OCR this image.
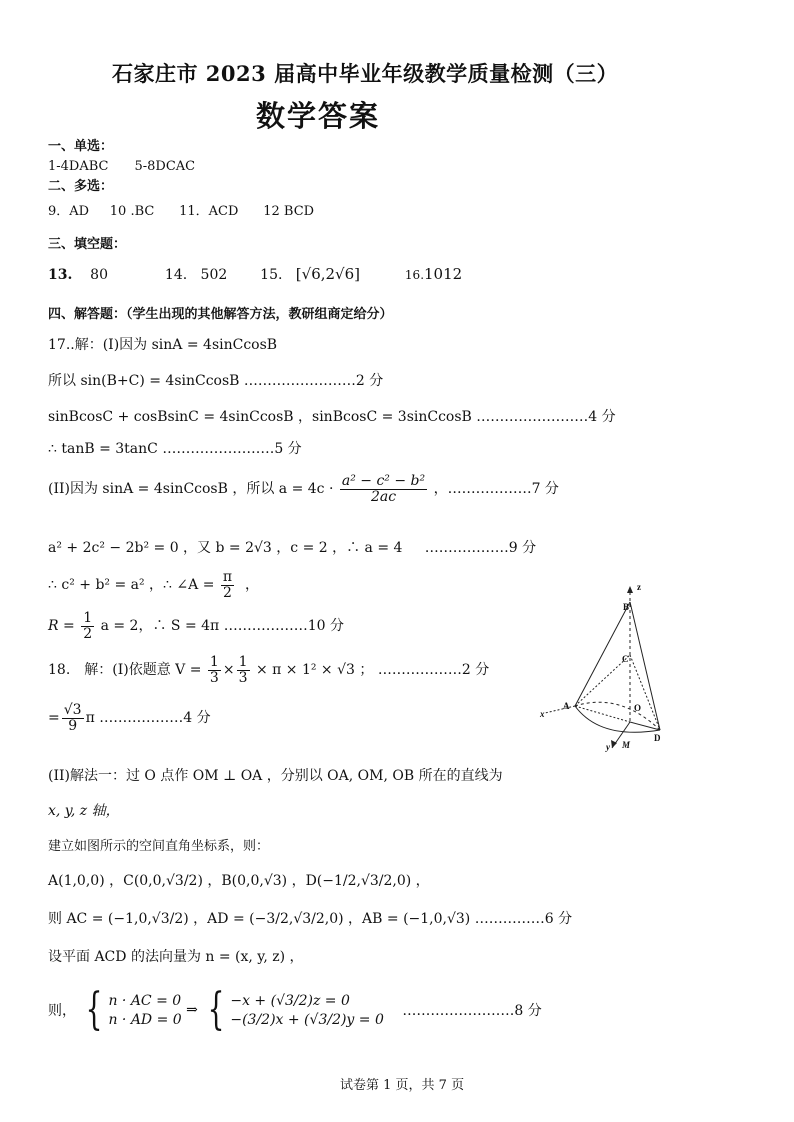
石家庄市 2023 届高中毕业年级教学质量检测（三）
数学答案
一、单选：
1-4DABC　　5-8DCAC
二、多选：
9．AD 10 .BC 11．ACD 12 BCD
三、填空题：
13. 80	14. 502 15. [√6,2√6]	16.1012
四、解答题：（学生出现的其他解答方法，教研组商定给分）
17..解：(I)因为 sinA = 4sinCcosB
所以 sin(B+C) = 4sinCcosB ……………………2 分
sinBcosC + cosBsinC = 4sinCcosB ，sinBcosC = 3sinCcosB ……………………4 分
∴ tanB = 3tanC ……………………5 分
(II)因为 sinA = 4sinCcosB ，所以 $a = 4c \cdot \frac{\text{a² − c² − b²}}{2ac}$ ，………………7 分
a² + 2c² − 2b² = 0 ，又 b = 2√3 ，c = 2 ，∴ a = 4 ………………9 分
∴ c² + b² = a² ，∴ ∠A = $\frac{\pi}{2}$ ，
$R = \frac{1}{2}$ a = 2，∴ S = 4π ………………10 分
18.　解：(I)依题意 $V = \frac{1}{3} \times \frac{1}{3} \times \pi \times 1^2 \times √3$ ； ………………2 分
= $\frac{√3}{9}$ π ………………4 分
(II)解法一：过 O 点作 OM ⊥ OA ，分别以 OA, OM, OB 所在的直线为
x, y, z 轴，
建立如图所示的空间直角坐标系，则：
A(1,0,0) ，C(0,0,√3/2) ，B(0,0,√3) ，D(−1/2,√3/2,0) ，
则 AC = (−1,0,√3/2) ，AD = (−3/2,√3/2,0) ，AB = (−1,0,√3) ……………6 分
设平面 ACD 的法向量为 n = (x, y, z) ，
则， { n · AC = 0
n · AD = 0
⇒ { −x + (√3/2)z = 0
−(3/2)x + (√3/2)y = 0
……………………8 分
z
B
C
A	O
D
M
x
y
试卷第 1 页，共 7 页
